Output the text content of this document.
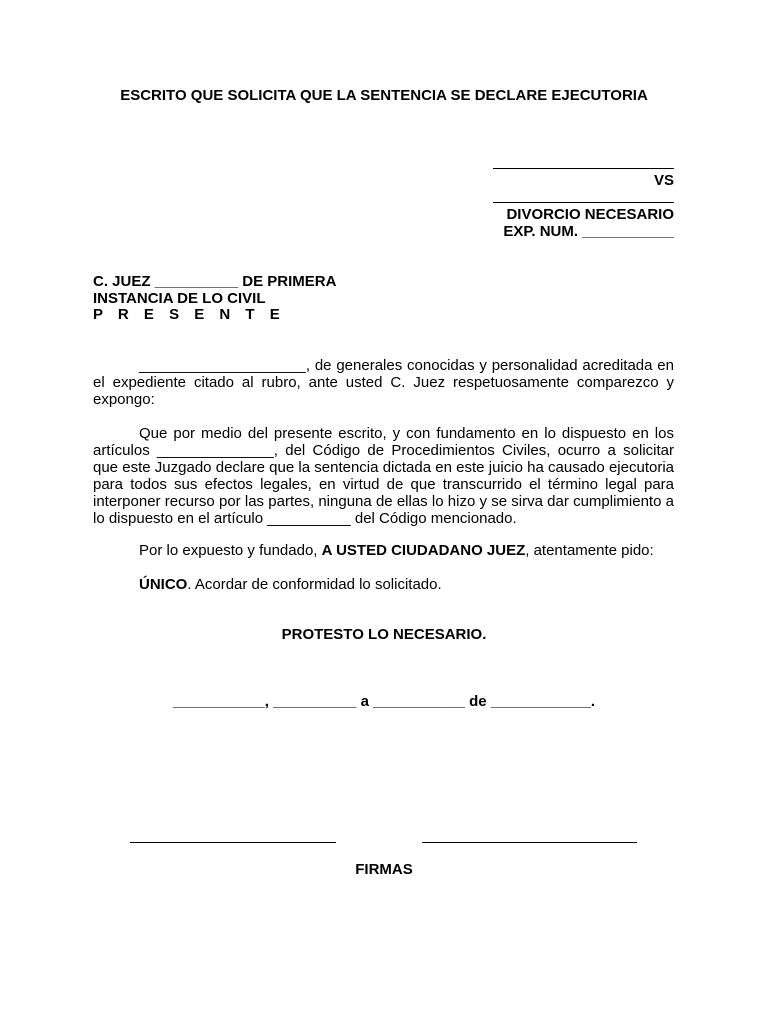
ESCRITO QUE SOLICITA QUE LA SENTENCIA SE DECLARE EJECUTORIA
VS
DIVORCIO NECESARIO
EXP. NUM. ___________
C. JUEZ __________ DE PRIMERA
INSTANCIA DE LO CIVIL
P R E S E N T E
____________________, de generales conocidas y personalidad acreditada en el expediente citado al rubro, ante usted C. Juez respetuosamente comparezco y expongo:
Que por medio del presente escrito, y con fundamento en lo dispuesto en los artículos ______________, del Código de Procedimientos Civiles, ocurro a solicitar que este Juzgado declare que la sentencia dictada en este juicio ha causado ejecutoria para todos sus efectos legales, en virtud de que transcurrido el término legal para interponer recurso por las partes, ninguna de ellas lo hizo y se sirva dar cumplimiento a lo dispuesto en el artículo __________ del Código mencionado.
Por lo expuesto y fundado, A USTED CIUDADANO JUEZ, atentamente pido:
ÚNICO. Acordar de conformidad lo solicitado.
PROTESTO LO NECESARIO.
___________, __________ a ___________ de ____________.
FIRMAS
